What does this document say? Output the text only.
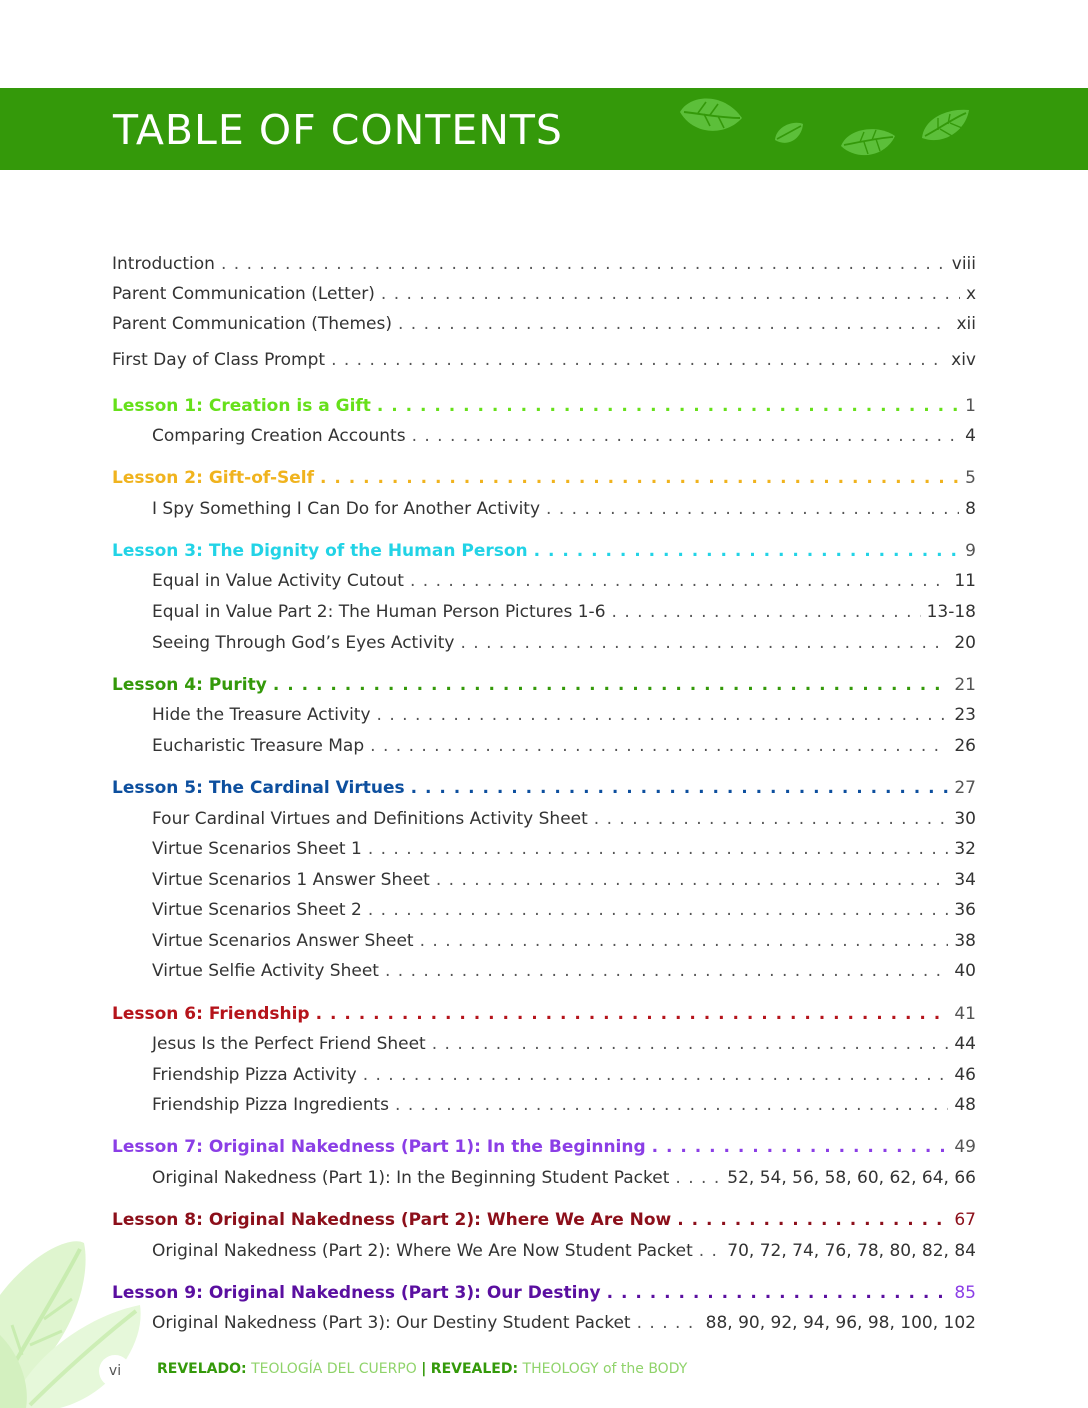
TABLE OF CONTENTS
Introduction . . .	viii
Parent Communication (Letter) . . .	x
Parent Communication (Themes) . . .	xii
First Day of Class Prompt . . .	xiv
Lesson 1: Creation is a Gift . . .	1
Comparing Creation Accounts . . .	4
Lesson 2: Gift-of-Self . . .	5
I Spy Something I Can Do for Another Activity . . .	8
Lesson 3: The Dignity of the Human Person . . .	9
Equal in Value Activity Cutout . . .	11
Equal in Value Part 2: The Human Person Pictures 1-6 . . .	13-18
Seeing Through God’s Eyes Activity . . .	20
Lesson 4: Purity . . .	21
Hide the Treasure Activity . . .	23
Eucharistic Treasure Map . . .	26
Lesson 5: The Cardinal Virtues . . .	27
Four Cardinal Virtues and Definitions Activity Sheet . . .	30
Virtue Scenarios Sheet 1 . . .	32
Virtue Scenarios 1 Answer Sheet . . .	34
Virtue Scenarios Sheet 2 . . .	36
Virtue Scenarios Answer Sheet . . .	38
Virtue Selfie Activity Sheet . . .	40
Lesson 6: Friendship . . .	41
Jesus Is the Perfect Friend Sheet . . .	44
Friendship Pizza Activity . . .	46
Friendship Pizza Ingredients . . .	48
Lesson 7: Original Nakedness (Part 1): In the Beginning . . .	49
Original Nakedness (Part 1): In the Beginning Student Packet . . .	52, 54, 56, 58, 60, 62, 64, 66
Lesson 8: Original Nakedness (Part 2): Where We Are Now . . .	67
Original Nakedness (Part 2): Where We Are Now Student Packet . . . 70, 72, 74, 76, 78, 80, 82, 84
Lesson 9: Original Nakedness (Part 3): Our Destiny . . .	85
Original Nakedness (Part 3): Our Destiny Student Packet . . .	88, 90, 92, 94, 96, 98, 100, 102
vi	REVELADO: TEOLOGÍA DEL CUERPO | REVEALED: THEOLOGY of the BODY
